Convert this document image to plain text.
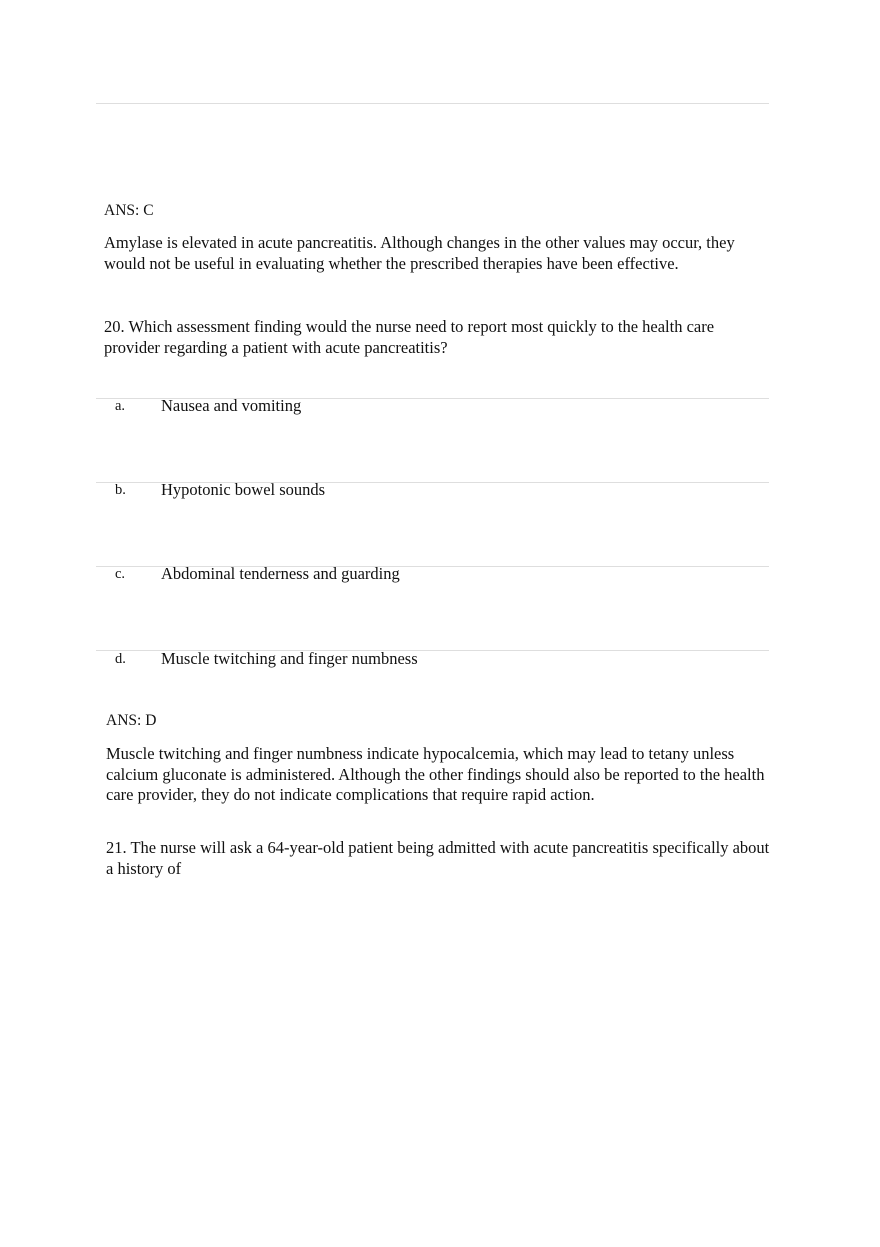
ANS: C

Amylase is elevated in acute pancreatitis. Although changes in the other values may occur, they would not be useful in evaluating whether the prescribed therapies have been effective.

20. Which assessment finding would the nurse need to report most quickly to the health care provider regarding a patient with acute pancreatitis?

a. Nausea and vomiting
b. Hypotonic bowel sounds
c. Abdominal tenderness and guarding
d. Muscle twitching and finger numbness
ANS: D

Muscle twitching and finger numbness indicate hypocalcemia, which may lead to tetany unless calcium gluconate is administered. Although the other findings should also be reported to the health care provider, they do not indicate complications that require rapid action.

21. The nurse will ask a 64-year-old patient being admitted with acute pancreatitis specifically about a history of
